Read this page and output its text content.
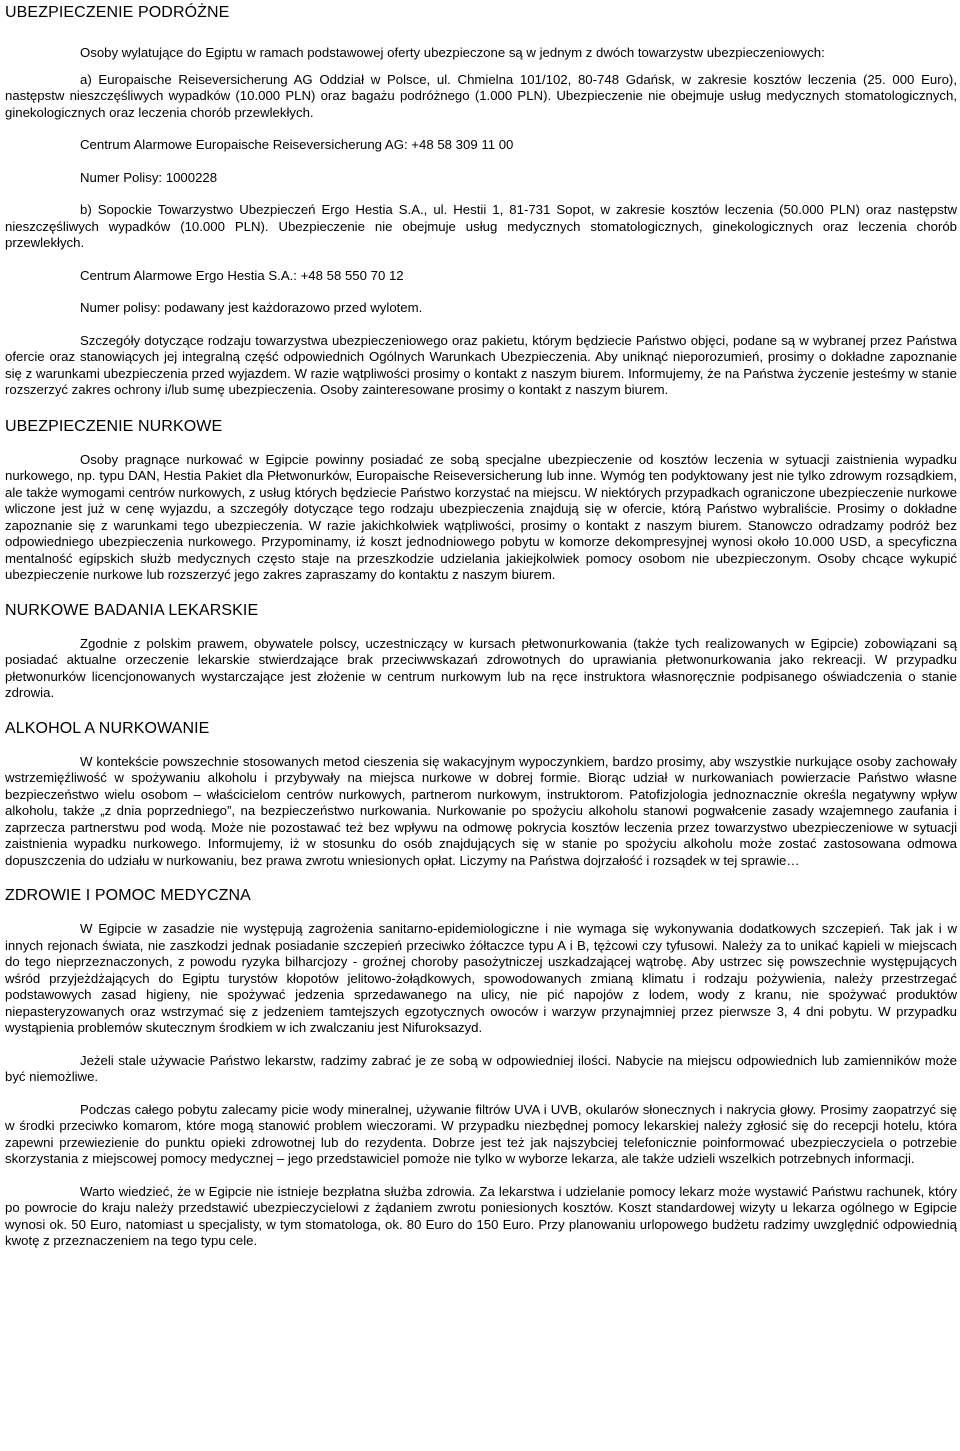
UBEZPIECZENIE PODRÓŻNE

Osoby wylatujące do Egiptu w ramach podstawowej oferty ubezpieczone są w jednym z dwóch towarzystw ubezpieczeniowych:

a) Europaische Reiseversicherung AG Oddział w Polsce, ul. Chmielna 101/102, 80-748 Gdańsk, w zakresie kosztów leczenia (25. 000 Euro), następstw nieszczęśliwych wypadków (10.000 PLN) oraz bagażu podróżnego (1.000 PLN). Ubezpieczenie nie obejmuje usług medycznych stomatologicznych, ginekologicznych oraz leczenia chorób przewlekłych.

Centrum Alarmowe Europaische Reiseversicherung AG: +48 58 309 11 00

Numer Polisy: 1000228

b) Sopockie Towarzystwo Ubezpieczeń Ergo Hestia S.A., ul. Hestii 1, 81-731 Sopot, w zakresie kosztów leczenia (50.000 PLN) oraz następstw nieszczęśliwych wypadków (10.000 PLN). Ubezpieczenie nie obejmuje usług medycznych stomatologicznych, ginekologicznych oraz leczenia chorób przewlekłych.

Centrum Alarmowe Ergo Hestia S.A.: +48 58 550 70 12

Numer polisy: podawany jest każdorazowo przed wylotem.

Szczegóły dotyczące rodzaju towarzystwa ubezpieczeniowego oraz pakietu, którym będziecie Państwo objęci, podane są w wybranej przez Państwa ofercie oraz stanowiących jej integralną część odpowiednich Ogólnych Warunkach Ubezpieczenia. Aby uniknąć nieporozumień, prosimy o dokładne zapoznanie się z warunkami ubezpieczenia przed wyjazdem. W razie wątpliwości prosimy o kontakt z naszym biurem. Informujemy, że na Państwa życzenie jesteśmy w stanie rozszerzyć zakres ochrony i/lub sumę ubezpieczenia. Osoby zainteresowane prosimy o kontakt z naszym biurem.

UBEZPIECZENIE NURKOWE

Osoby pragnące nurkować w Egipcie powinny posiadać ze sobą specjalne ubezpieczenie od kosztów leczenia w sytuacji zaistnienia wypadku nurkowego, np. typu DAN, Hestia Pakiet dla Płetwonurków, Europaische Reiseversicherung lub inne. Wymóg ten podyktowany jest nie tylko zdrowym rozsądkiem, ale także wymogami centrów nurkowych, z usług których będziecie Państwo korzystać na miejscu. W niektórych przypadkach ograniczone ubezpieczenie nurkowe wliczone jest już w cenę wyjazdu, a szczegóły dotyczące tego rodzaju ubezpieczenia znajdują się w ofercie, którą Państwo wybraliście. Prosimy o dokładne zapoznanie się z warunkami tego ubezpieczenia. W razie jakichkolwiek wątpliwości, prosimy o kontakt z naszym biurem. Stanowczo odradzamy podróż bez odpowiedniego ubezpieczenia nurkowego. Przypominamy, iż koszt jednodniowego pobytu w komorze dekompresyjnej wynosi około 10.000 USD, a specyficzna mentalność egipskich służb medycznych często staje na przeszkodzie udzielania jakiejkolwiek pomocy osobom nie ubezpieczonym. Osoby chcące wykupić ubezpieczenie nurkowe lub rozszerzyć jego zakres zapraszamy do kontaktu z naszym biurem.

NURKOWE BADANIA LEKARSKIE

Zgodnie z polskim prawem, obywatele polscy, uczestniczący w kursach płetwonurkowania (także tych realizowanych w Egipcie) zobowiązani są posiadać aktualne orzeczenie lekarskie stwierdzające brak przeciwwskazań zdrowotnych do uprawiania płetwonurkowania jako rekreacji. W przypadku płetwonurków licencjonowanych wystarczające jest złożenie w centrum nurkowym lub na ręce instruktora własnoręcznie podpisanego oświadczenia o stanie zdrowia.

ALKOHOL A NURKOWANIE

W kontekście powszechnie stosowanych metod cieszenia się wakacyjnym wypoczynkiem, bardzo prosimy, aby wszystkie nurkujące osoby zachowały wstrzemięźliwość w spożywaniu alkoholu i przybywały na miejsca nurkowe w dobrej formie. Biorąc udział w nurkowaniach powierzacie Państwo własne bezpieczeństwo wielu osobom – właścicielom centrów nurkowych, partnerom nurkowym, instruktorom. Patofizjologia jednoznacznie określa negatywny wpływ alkoholu, także „z dnia poprzedniego”, na bezpieczeństwo nurkowania. Nurkowanie po spożyciu alkoholu stanowi pogwałcenie zasady wzajemnego zaufania i zaprzecza partnerstwu pod wodą. Może nie pozostawać też bez wpływu na odmowę pokrycia kosztów leczenia przez towarzystwo ubezpieczeniowe w sytuacji zaistnienia wypadku nurkowego. Informujemy, iż w stosunku do osób znajdujących się w stanie po spożyciu alkoholu może zostać zastosowana odmowa dopuszczenia do udziału w nurkowaniu, bez prawa zwrotu wniesionych opłat. Liczymy na Państwa dojrzałość i rozsądek w tej sprawie…

ZDROWIE I POMOC MEDYCZNA

W Egipcie w zasadzie nie występują zagrożenia sanitarno-epidemiologiczne i nie wymaga się wykonywania dodatkowych szczepień. Tak jak i w innych rejonach świata, nie zaszkodzi jednak posiadanie szczepień przeciwko żółtaczce typu A i B, tężcowi czy tyfusowi. Należy za to unikać kąpieli w miejscach do tego nieprzeznaczonych, z powodu ryzyka bilharcjozy - groźnej choroby pasożytniczej uszkadzającej wątrobę. Aby ustrzec się powszechnie występujących wśród przyjeżdżających do Egiptu turystów kłopotów jelitowo-żołądkowych, spowodowanych zmianą klimatu i rodzaju pożywienia, należy przestrzegać podstawowych zasad higieny, nie spożywać jedzenia sprzedawanego na ulicy, nie pić napojów z lodem, wody z kranu, nie spożywać produktów niepasteryzowanych oraz wstrzymać się z jedzeniem tamtejszych egzotycznych owoców i warzyw przynajmniej przez pierwsze 3, 4 dni pobytu. W przypadku wystąpienia problemów skutecznym środkiem w ich zwalczaniu jest Nifuroksazyd.

Jeżeli stale używacie Państwo lekarstw, radzimy zabrać je ze sobą w odpowiedniej ilości. Nabycie na miejscu odpowiednich lub zamienników może być niemożliwe.

Podczas całego pobytu zalecamy picie wody mineralnej, używanie filtrów UVA i UVB, okularów słonecznych i nakrycia głowy. Prosimy zaopatrzyć się w środki przeciwko komarom, które mogą stanowić problem wieczorami. W przypadku niezbędnej pomocy lekarskiej należy zgłosić się do recepcji hotelu, która zapewni przewiezienie do punktu opieki zdrowotnej lub do rezydenta. Dobrze jest też jak najszybciej telefonicznie poinformować ubezpieczyciela o potrzebie skorzystania z miejscowej pomocy medycznej – jego przedstawiciel pomoże nie tylko w wyborze lekarza, ale także udzieli wszelkich potrzebnych informacji.

Warto wiedzieć, że w Egipcie nie istnieje bezpłatna służba zdrowia. Za lekarstwa i udzielanie pomocy lekarz może wystawić Państwu rachunek, który po powrocie do kraju należy przedstawić ubezpieczycielowi z żądaniem zwrotu poniesionych kosztów. Koszt standardowej wizyty u lekarza ogólnego w Egipcie wynosi ok. 50 Euro, natomiast u specjalisty, w tym stomatologa, ok. 80 Euro do 150 Euro. Przy planowaniu urlopowego budżetu radzimy uwzględnić odpowiednią kwotę z przeznaczeniem na tego typu cele.
